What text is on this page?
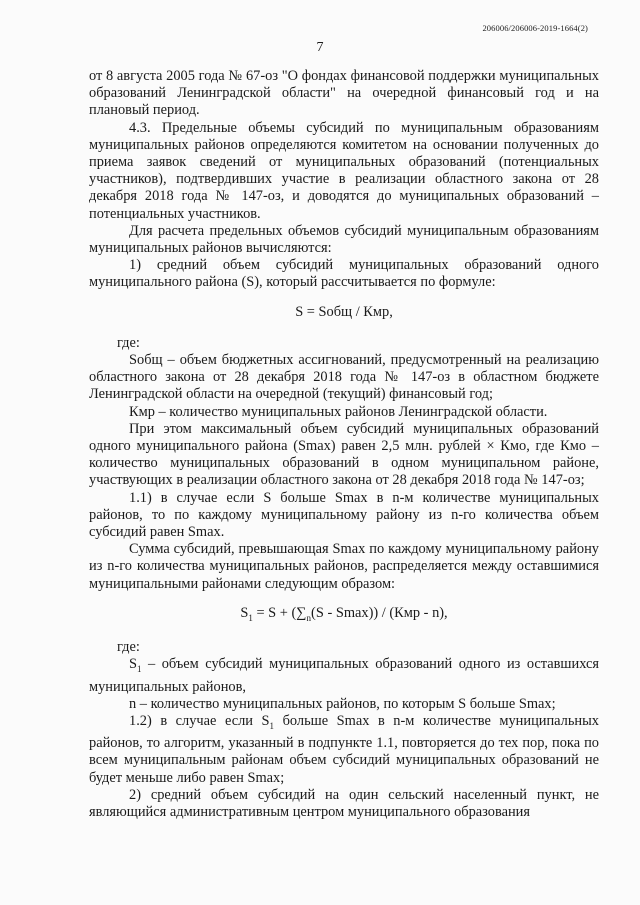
206006/206006-2019-1664(2)
7

от 8 августа 2005 года № 67-оз "О фондах финансовой поддержки муниципальных образований Ленинградской области" на очередной финансовый год и на плановый период.

4.3. Предельные объемы субсидий по муниципальным образованиям муниципальных районов определяются комитетом на основании полученных до приема заявок сведений от муниципальных образований (потенциальных участников), подтвердивших участие в реализации областного закона от 28 декабря 2018 года № 147-оз, и доводятся до муниципальных образований – потенциальных участников.

Для расчета предельных объемов субсидий муниципальным образованиям муниципальных районов вычисляются:

1) средний объем субсидий муниципальных образований одного муниципального района (S), который рассчитывается по формуле:

S = Sобщ / Кмр,

где:

Sобщ – объем бюджетных ассигнований, предусмотренный на реализацию областного закона от 28 декабря 2018 года № 147-оз в областном бюджете Ленинградской области на очередной (текущий) финансовый год;

Кмр – количество муниципальных районов Ленинградской области.

При этом максимальный объем субсидий муниципальных образований одного муниципального района (Smax) равен 2,5 млн. рублей × Кмо, где Кмо – количество муниципальных образований в одном муниципальном районе, участвующих в реализации областного закона от 28 декабря 2018 года № 147-оз;

1.1) в случае если S больше Smax в n-м количестве муниципальных районов, то по каждому муниципальному району из n-го количества объем субсидий равен Smax.

Сумма субсидий, превышающая Smax по каждому муниципальному району из n-го количества муниципальных районов, распределяется между оставшимися муниципальными районами следующим образом:

$S_1 = S + (\sum_n(S - Smax)) / (Кмр - n)$,

где:

$S_1$ – объем субсидий муниципальных образований одного из оставшихся муниципальных районов,

n – количество муниципальных районов, по которым S больше Smax;

1.2) в случае если $S_1$ больше Smax в n-м количестве муниципальных районов, то алгоритм, указанный в подпункте 1.1, повторяется до тех пор, пока по всем муниципальным районам объем субсидий муниципальных образований не будет меньше либо равен Smax;

2) средний объем субсидий на один сельский населенный пункт, не являющийся административным центром муниципального образования
